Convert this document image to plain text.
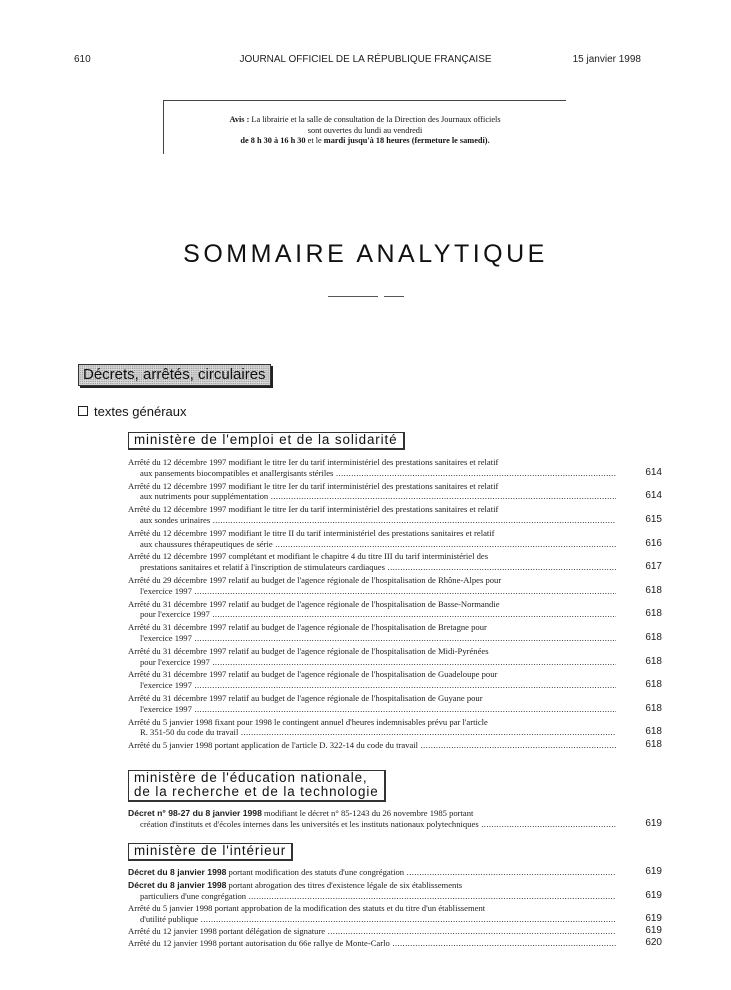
610	JOURNAL OFFICIEL DE LA RÉPUBLIQUE FRANÇAISE	15 janvier 1998
Avis : La librairie et la salle de consultation de la Direction des Journaux officiels
sont ouvertes du lundi au vendredi
de 8 h 30 à 16 h 30 et le mardi jusqu'à 18 heures (fermeture le samedi).
SOMMAIRE ANALYTIQUE
Décrets, arrêtés, circulaires
textes généraux
ministère de l'emploi et de la solidarité
Arrêté du 12 décembre 1997 modifiant le titre Ier du tarif interministériel des prestations sanitaires et relatif
aux pansements biocompatibles et anallergisants stériles .....	614
Arrêté du 12 décembre 1997 modifiant le titre Ier du tarif interministériel des prestations sanitaires et relatif
aux nutriments pour supplémentation .....	614
Arrêté du 12 décembre 1997 modifiant le titre Ier du tarif interministériel des prestations sanitaires et relatif
aux sondes urinaires .....	615
Arrêté du 12 décembre 1997 modifiant le titre II du tarif interministériel des prestations sanitaires et relatif
aux chaussures thérapeutiques de série .....	616
Arrêté du 12 décembre 1997 complétant et modifiant le chapitre 4 du titre III du tarif interministériel des
prestations sanitaires et relatif à l'inscription de stimulateurs cardiaques .....	617
Arrêté du 29 décembre 1997 relatif au budget de l'agence régionale de l'hospitalisation de Rhône-Alpes pour
l'exercice 1997 .....	618
Arrêté du 31 décembre 1997 relatif au budget de l'agence régionale de l'hospitalisation de Basse-Normandie
pour l'exercice 1997 .....	618
Arrêté du 31 décembre 1997 relatif au budget de l'agence régionale de l'hospitalisation de Bretagne pour
l'exercice 1997 .....	618
Arrêté du 31 décembre 1997 relatif au budget de l'agence régionale de l'hospitalisation de Midi-Pyrénées
pour l'exercice 1997 .....	618
Arrêté du 31 décembre 1997 relatif au budget de l'agence régionale de l'hospitalisation de Guadeloupe pour
l'exercice 1997 .....	618
Arrêté du 31 décembre 1997 relatif au budget de l'agence régionale de l'hospitalisation de Guyane pour
l'exercice 1997 .....	618
Arrêté du 5 janvier 1998 fixant pour 1998 le contingent annuel d'heures indemnisables prévu par l'article
R. 351-50 du code du travail .....	618
Arrêté du 5 janvier 1998 portant application de l'article D. 322-14 du code du travail .....	618
ministère de l'éducation nationale,
de la recherche et de la technologie
Décret n° 98-27 du 8 janvier 1998 modifiant le décret n° 85-1243 du 26 novembre 1985 portant
création d'instituts et d'écoles internes dans les universités et les instituts nationaux polytechniques .....	619
ministère de l'intérieur
Décret du 8 janvier 1998 portant modification des statuts d'une congrégation .....	619
Décret du 8 janvier 1998 portant abrogation des titres d'existence légale de six établissements
particuliers d'une congrégation .....	619
Arrêté du 5 janvier 1998 portant approbation de la modification des statuts et du titre d'un établissement
d'utilité publique .....	619
Arrêté du 12 janvier 1998 portant délégation de signature .....	619
Arrêté du 12 janvier 1998 portant autorisation du 66e rallye de Monte-Carlo .....	620
